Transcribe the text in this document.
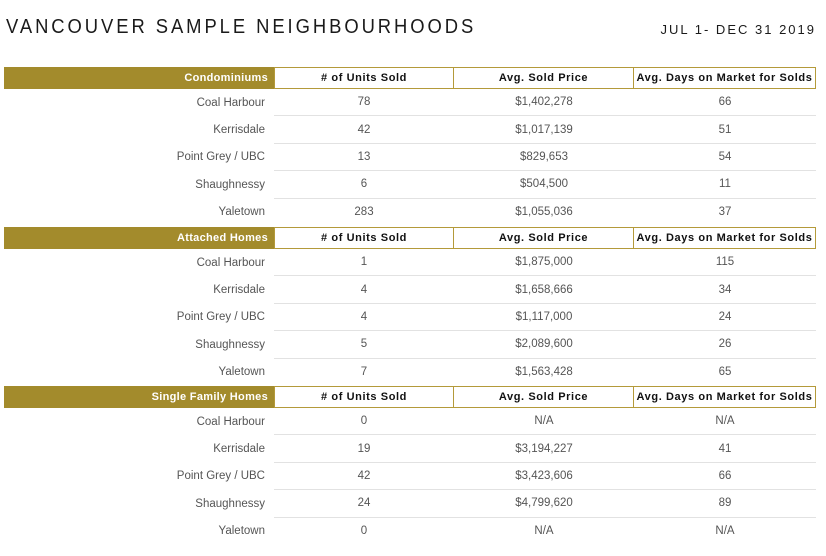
VANCOUVER SAMPLE NEIGHBOURHOODS	JUL 1- DEC 31 2019
Condominiums	# of Units Sold	Avg. Sold Price	Avg. Days on Market for Solds
Coal Harbour	78	$1,402,278	66
Kerrisdale	42	$1,017,139	51
Point Grey / UBC	13	$829,653	54
Shaughnessy	6	$504,500	11
Yaletown	283	$1,055,036	37
Attached Homes	# of Units Sold	Avg. Sold Price	Avg. Days on Market for Solds
Coal Harbour	1	$1,875,000	115
Kerrisdale	4	$1,658,666	34
Point Grey / UBC	4	$1,117,000	24
Shaughnessy	5	$2,089,600	26
Yaletown	7	$1,563,428	65
Single Family Homes	# of Units Sold	Avg. Sold Price	Avg. Days on Market for Solds
Coal Harbour	0	N/A	N/A
Kerrisdale	19	$3,194,227	41
Point Grey / UBC	42	$3,423,606	66
Shaughnessy	24	$4,799,620	89
Yaletown	0	N/A	N/A
